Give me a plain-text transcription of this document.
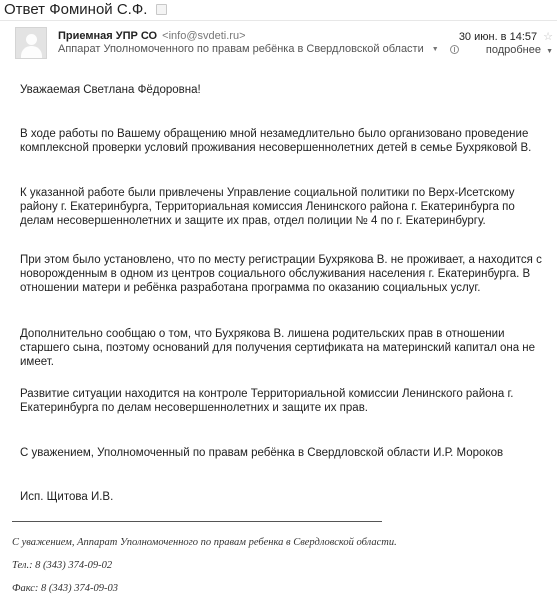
Ответ Фоминой С.Ф.
Приемная УПР СО <info@svdeti.ru>
Аппарат Уполномоченного по правам ребёнка в Свердловской области ▼
30 июн. в 14:57 ☆
подробнее ▼
Уважаемая Светлана Фёдоровна!
В ходе работы по Вашему обращению мной незамедлительно было организовано проведение комплексной проверки условий проживания несовершеннолетних детей в семье Бухряковой В.
К указанной работе были привлечены Управление социальной политики по Верх-Исетскому району г. Екатеринбурга, Территориальная комиссия Ленинского района г. Екатеринбурга по делам несовершеннолетних и защите их прав, отдел полиции № 4 по г. Екатеринбургу.
При этом было установлено, что по месту регистрации Бухрякова В. не проживает, а находится с новорожденным в одном из центров социального обслуживания населения г. Екатеринбурга. В отношении матери и ребёнка разработана программа по оказанию социальных услуг.
Дополнительно сообщаю о том, что Бухрякова В. лишена родительских прав в отношении старшего сына, поэтому оснований для получения сертификата на материнский капитал она не имеет.
Развитие ситуации находится на контроле Территориальной комиссии Ленинского района г. Екатеринбурга по делам несовершеннолетних и защите их прав.
С уважением, Уполномоченный по правам ребёнка в Свердловской области И.Р. Мороков
Исп. Щитова И.В.
С уважением, Аппарат Уполномоченного по правам ребенка в Свердловской области.
Тел.: 8 (343) 374-09-02
Факс: 8 (343) 374-09-03
